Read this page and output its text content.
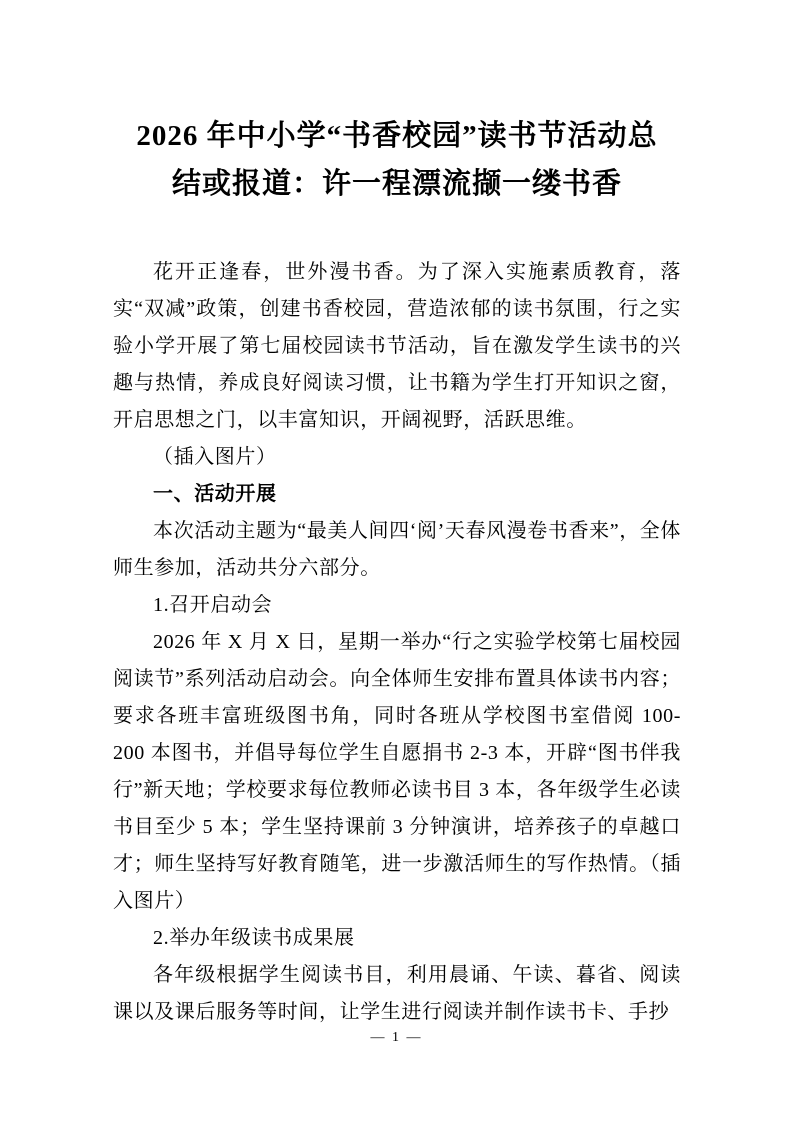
2026 年中小学“书香校园”读书节活动总
结或报道：许一程漂流撷一缕书香

花开正逢春，世外漫书香。为了深入实施素质教育，落实“双减”政策，创建书香校园，营造浓郁的读书氛围，行之实验小学开展了第七届校园读书节活动，旨在激发学生读书的兴趣与热情，养成良好阅读习惯，让书籍为学生打开知识之窗，开启思想之门，以丰富知识，开阔视野，活跃思维。

（插入图片）

一、活动开展

本次活动主题为“最美人间四‘阅’天春风漫卷书香来”，全体师生参加，活动共分六部分。

1.召开启动会

2026 年 X 月 X 日，星期一举办“行之实验学校第七届校园阅读节”系列活动启动会。向全体师生安排布置具体读书内容；要求各班丰富班级图书角，同时各班从学校图书室借阅 100-200 本图书，并倡导每位学生自愿捐书 2-3 本，开辟“图书伴我行”新天地；学校要求每位教师必读书目 3 本，各年级学生必读书目至少 5 本；学生坚持课前 3 分钟演讲，培养孩子的卓越口才；师生坚持写好教育随笔，进一步激活师生的写作热情。（插入图片）

2.举办年级读书成果展

各年级根据学生阅读书目，利用晨诵、午读、暮省、阅读课以及课后服务等时间，让学生进行阅读并制作读书卡、手抄

— 1 —
